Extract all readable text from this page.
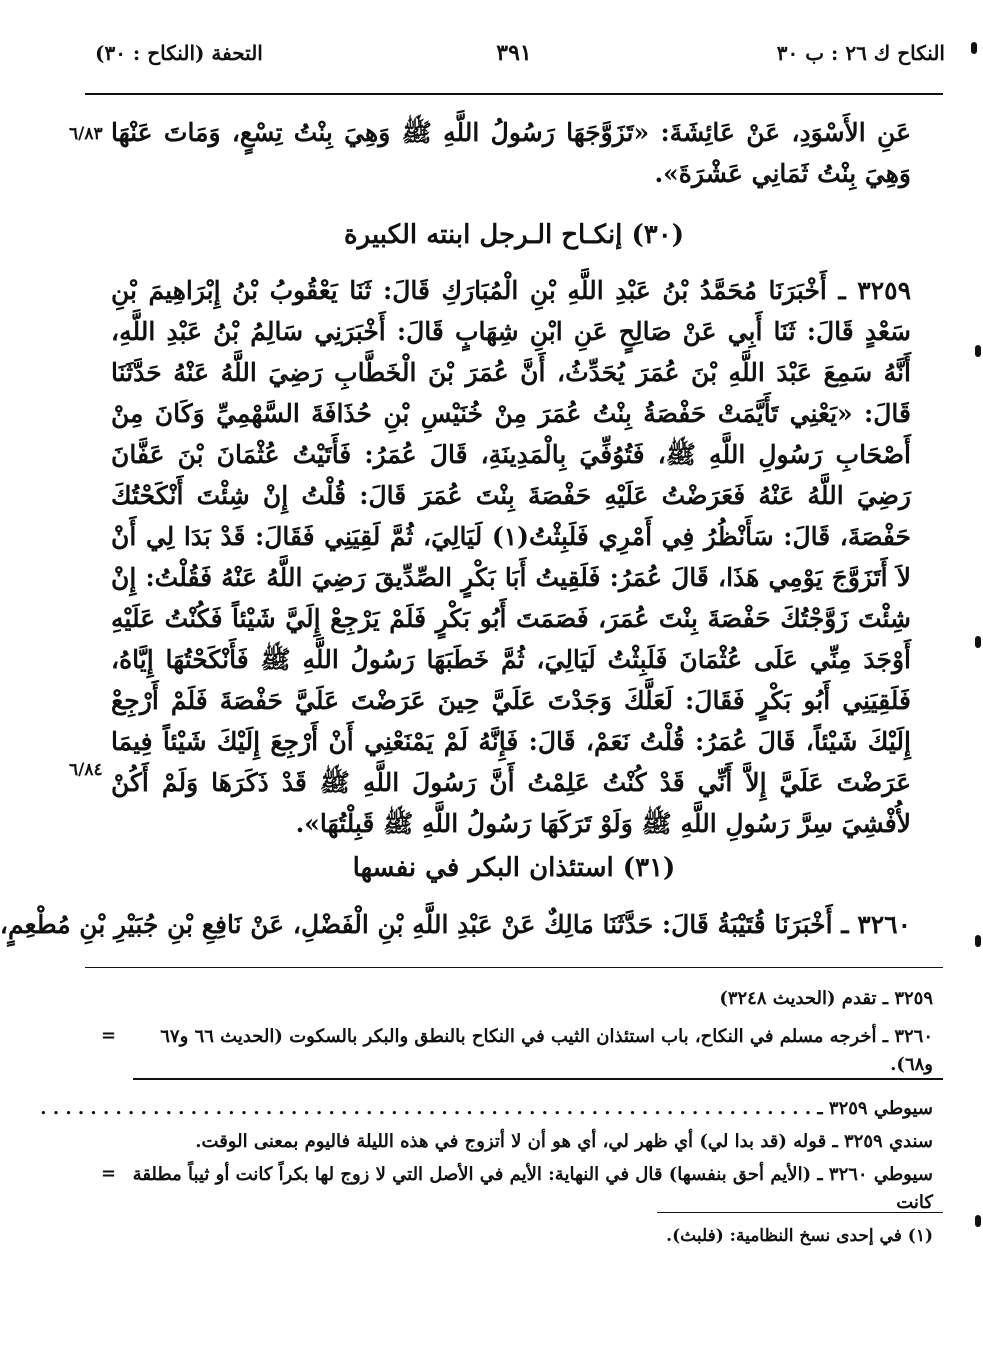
النكاح ك ٢٦ : ب ٣٠
٣٩١
التحفة (النكاح : ٣٠)
عَنِ الأَسْوَدِ، عَنْ عَائِشَةَ: «تَزَوَّجَهَا رَسُولُ اللَّهِ ﷺ وَهِيَ بِنْتُ تِسْعٍ، وَمَاتَ عَنْهَا وَهِيَ بِنْتُ ثَمَانِي عَشْرَةَ».
٦/٨٣
(٣٠) إنكـاح الـرجل ابنته الكبيرة
٣٢٥٩ ـ أَخْبَرَنَا مُحَمَّدُ بْنُ عَبْدِ اللَّهِ بْنِ الْمُبَارَكِ قَالَ: ثَنَا يَعْقُوبُ بْنُ إِبْرَاهِيمَ بْنِ سَعْدٍ قَالَ: ثَنَا أَبِي عَنْ صَالِحٍ عَنِ ابْنِ شِهَابٍ قَالَ: أَخْبَرَنِي سَالِمُ بْنُ عَبْدِ اللَّهِ، أَنَّهُ سَمِعَ عَبْدَ اللَّهِ بْنَ عُمَرَ يُحَدِّثُ، أَنَّ عُمَرَ بْنَ الْخَطَّابِ رَضِيَ اللَّهُ عَنْهُ حَدَّثَنَا قَالَ: «يَعْنِي تَأَيَّمَتْ حَفْصَةُ بِنْتُ عُمَرَ مِنْ خُنَيْسِ بْنِ حُذَافَةَ السَّهْمِيِّ وَكَانَ مِنْ أَصْحَابِ رَسُولِ اللَّهِ ﷺ، فَتُوُفِّيَ بِالْمَدِينَةِ، قَالَ عُمَرُ: فَأَتَيْتُ عُثْمَانَ بْنَ عَفَّانَ رَضِيَ اللَّهُ عَنْهُ فَعَرَضْتُ عَلَيْهِ حَفْصَةَ بِنْتَ عُمَرَ قَالَ: قُلْتُ إِنْ شِئْتَ أَنْكَحْتُكَ حَفْصَةَ، قَالَ: سَأَنْظُرُ فِي أَمْرِي فَلَبِثْتُ(١) لَيَالِيَ، ثُمَّ لَقِيَنِي فَقَالَ: قَدْ بَدَا لِي أَنْ لاَ أَتَزَوَّجَ يَوْمِي هَذَا، قَالَ عُمَرُ: فَلَقِيتُ أَبَا بَكْرٍ الصِّدِّيقَ رَضِيَ اللَّهُ عَنْهُ فَقُلْتُ: إِنْ شِئْتَ زَوَّجْتُكَ حَفْصَةَ بِنْتَ عُمَرَ، فَصَمَتَ أَبُو بَكْرٍ فَلَمْ يَرْجِعْ إِلَيَّ شَيْئاً فَكُنْتُ عَلَيْهِ أَوْجَدَ مِنِّي عَلَى عُثْمَانَ فَلَبِثْتُ لَيَالِيَ، ثُمَّ خَطَبَهَا رَسُولُ اللَّهِ ﷺ فَأَنْكَحْتُهَا إِيَّاهُ، فَلَقِيَنِي أَبُو بَكْرٍ فَقَالَ: لَعَلَّكَ وَجَدْتَ عَلَيَّ حِينَ عَرَضْتَ عَلَيَّ حَفْصَةَ فَلَمْ أَرْجِعْ إِلَيْكَ شَيْئاً، قَالَ عُمَرُ: قُلْتُ نَعَمْ، قَالَ: فَإِنَّهُ لَمْ يَمْنَعْنِي أَنْ أَرْجِعَ إِلَيْكَ شَيْئاً فِيمَا عَرَضْتَ عَلَيَّ إِلاَّ أَنِّي قَدْ كُنْتُ عَلِمْتُ أَنَّ رَسُولَ اللَّهِ ﷺ قَدْ ذَكَرَهَا وَلَمْ أَكُنْ لأُفْشِيَ سِرَّ رَسُولِ اللَّهِ ﷺ وَلَوْ تَرَكَهَا رَسُولُ اللَّهِ ﷺ قَبِلْتُهَا».
٦/٨٤
(٣١) استئذان البكر في نفسها
٣٢٦٠ ـ أَخْبَرَنَا قُتَيْبَةُ قَالَ: حَدَّثَنَا مَالِكٌ عَنْ عَبْدِ اللَّهِ بْنِ الْفَضْلِ، عَنْ نَافِعِ بْنِ جُبَيْرِ بْنِ مُطْعِمٍ،
٣٢٥٩ ـ تقدم (الحديث ٣٢٤٨)
٣٢٦٠ ـ أخرجه مسلم في النكاح، باب استئذان الثيب في النكاح بالنطق والبكر بالسكوت (الحديث ٦٦ و٦٧ و٦٨).
=
سيوطي ٣٢٥٩ ـ . . . . . . . . . . . . . . . . . . . . . . . . . . . . . . . . . . . . . . . . . . . . . . . . . . . . . . . . . . . . . .
سندي ٣٢٥٩ ـ قوله (قد بدا لي) أي ظهر لي، أي هو أن لا أتزوج في هذه الليلة فاليوم بمعنى الوقت.
سيوطي ٣٢٦٠ ـ (الأيم أحق بنفسها) قال في النهاية: الأيم في الأصل التي لا زوج لها بكراً كانت أو ثيباً مطلقة كانت
=
(١) في إحدى نسخ النظامية: (فلبث).
